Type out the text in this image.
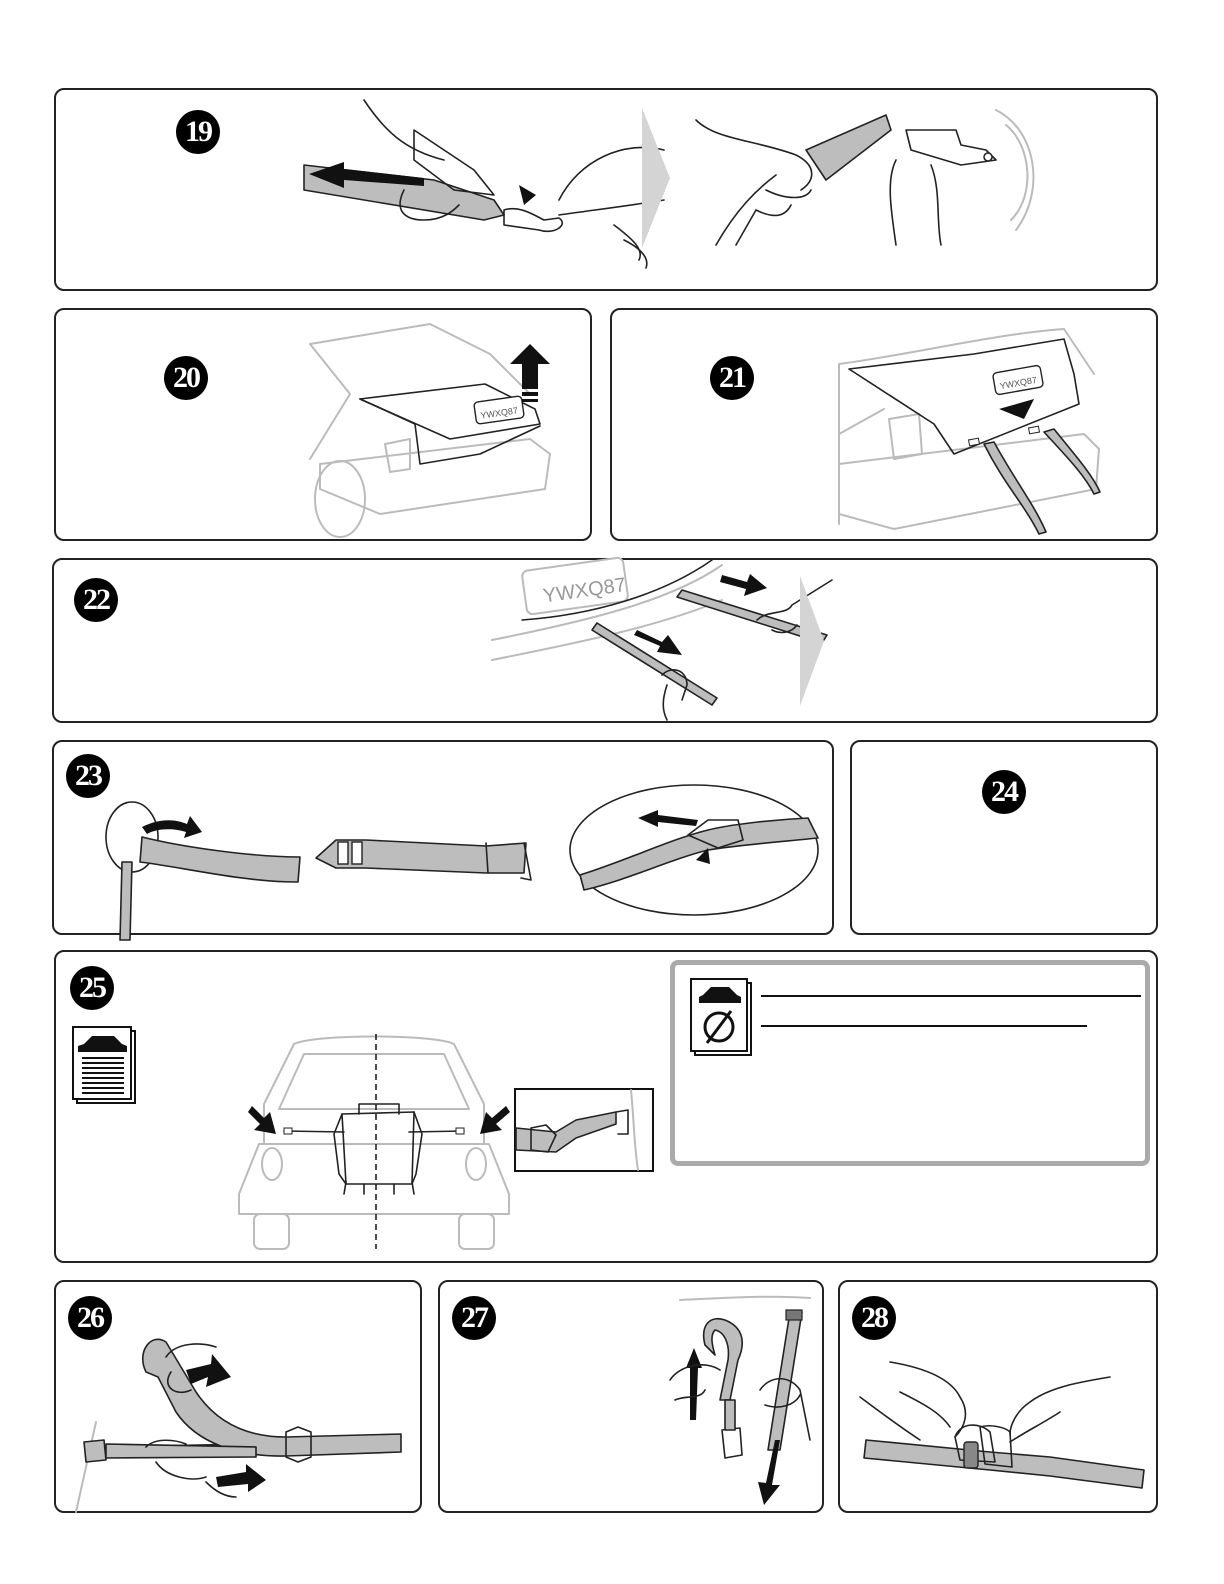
19
20
YWXQ87
21	YWXQ87
22	YWXQ87
23	24
25
26	27	28
